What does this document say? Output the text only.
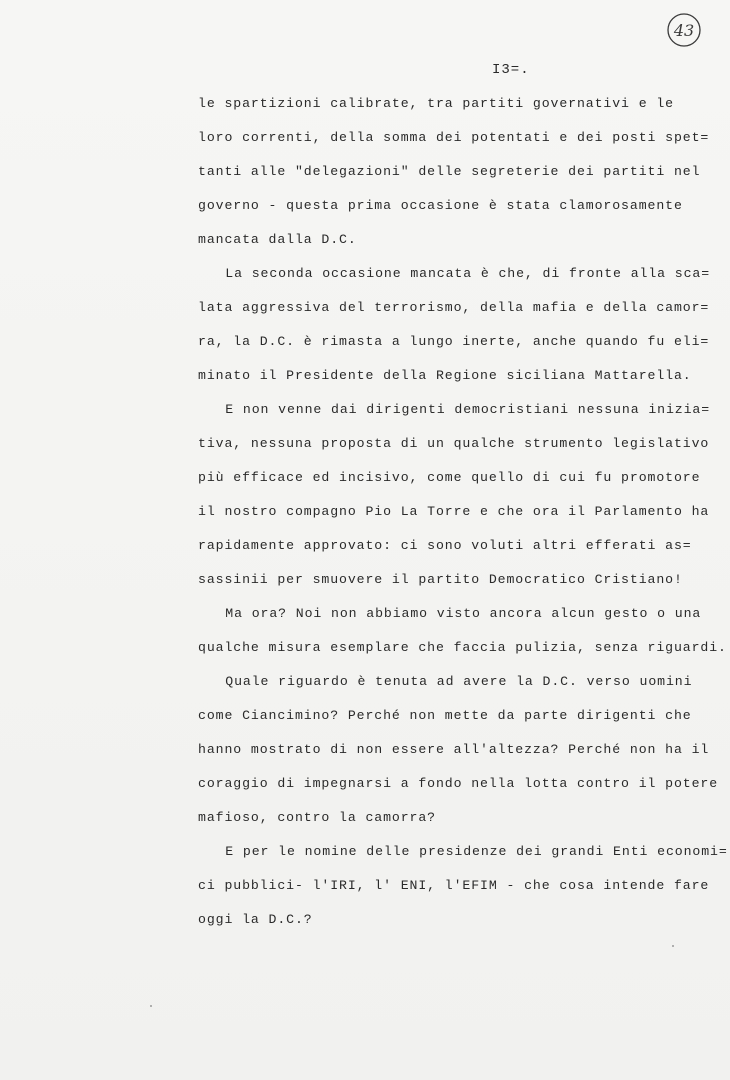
43
I3=.
le spartizioni calibrate, tra partiti governativi e le
loro correnti, della somma dei potentati e dei posti spet=
tanti alle "delegazioni" delle segreterie dei partiti nel
governo - questa prima occasione è stata clamorosamente
mancata dalla D.C.
La seconda occasione mancata è che, di fronte alla sca=
lata aggressiva del terrorismo, della mafia e della camor=
ra, la D.C. è rimasta a lungo inerte, anche quando fu eli=
minato il Presidente della Regione siciliana Mattarella.
E non venne dai dirigenti democristiani nessuna inizia=
tiva, nessuna proposta di un qualche strumento legislativo
più efficace ed incisivo, come quello di cui fu promotore
il nostro compagno Pio La Torre e che ora il Parlamento ha
rapidamente approvato: ci sono voluti altri efferati as=
sassinii per smuovere il partito Democratico Cristiano!
Ma ora? Noi non abbiamo visto ancora alcun gesto o una
qualche misura esemplare che faccia pulizia, senza riguardi.
Quale riguardo è tenuta ad avere la D.C. verso uomini
come Ciancimino? Perché non mette da parte dirigenti che
hanno mostrato di non essere all'altezza? Perché non ha il
coraggio di impegnarsi a fondo nella lotta contro il potere
mafioso, contro la camorra?
E per le nomine delle presidenze dei grandi Enti economi=
ci pubblici- l'IRI, l' ENI, l'EFIM - che cosa intende fare
oggi la D.C.?
